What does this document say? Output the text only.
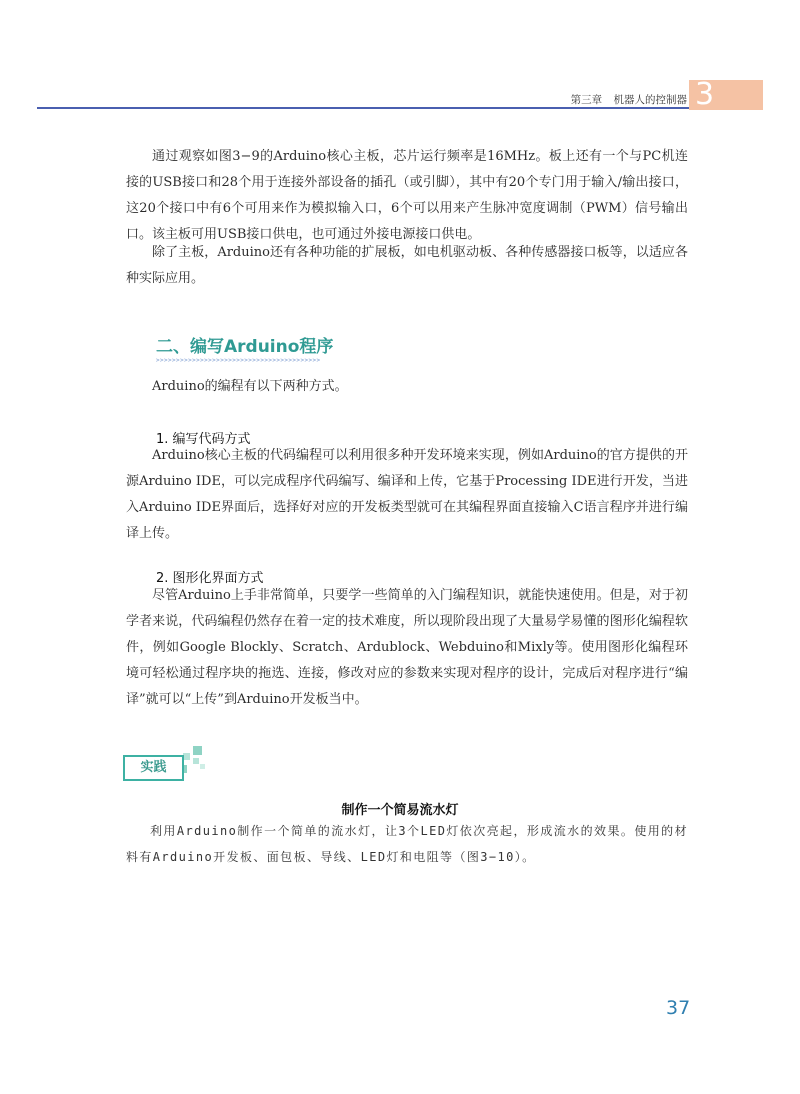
第三章 机器人的控制器 3

通过观察如图3−9的Arduino核心主板，芯片运行频率是16MHz。板上还有一个与PC机连接的USB接口和28个用于连接外部设备的插孔（或引脚），其中有20个专门用于输入/输出接口，这20个接口中有6个可用来作为模拟输入口，6个可以用来产生脉冲宽度调制（PWM）信号输出口。该主板可用USB接口供电，也可通过外接电源接口供电。

除了主板，Arduino还有各种功能的扩展板，如电机驱动板、各种传感器接口板等，以适应各种实际应用。

二、编写Arduino程序
>>>>>>>>>>>>>>>>>>>>>>>>>>>>>>>>>>>>>>>>>

Arduino的编程有以下两种方式。

1. 编写代码方式

Arduino核心主板的代码编程可以利用很多种开发环境来实现，例如Arduino的官方提供的开源Arduino IDE，可以完成程序代码编写、编译和上传，它基于Processing IDE进行开发，当进入Arduino IDE界面后，选择好对应的开发板类型就可在其编程界面直接输入C语言程序并进行编译上传。

2. 图形化界面方式

尽管Arduino上手非常简单，只要学一些简单的入门编程知识，就能快速使用。但是，对于初学者来说，代码编程仍然存在着一定的技术难度，所以现阶段出现了大量易学易懂的图形化编程软件，例如Google Blockly、Scratch、Ardublock、Webduino和Mixly等。使用图形化编程环境可轻松通过程序块的拖选、连接，修改对应的参数来实现对程序的设计，完成后对程序进行“编译”就可以“上传”到Arduino开发板当中。

实践
制作一个简易流水灯

利用Arduino制作一个简单的流水灯，让3个LED灯依次亮起，形成流水的效果。使用的材料有Arduino开发板、面包板、导线、LED灯和电阻等（图3−10）。

37
